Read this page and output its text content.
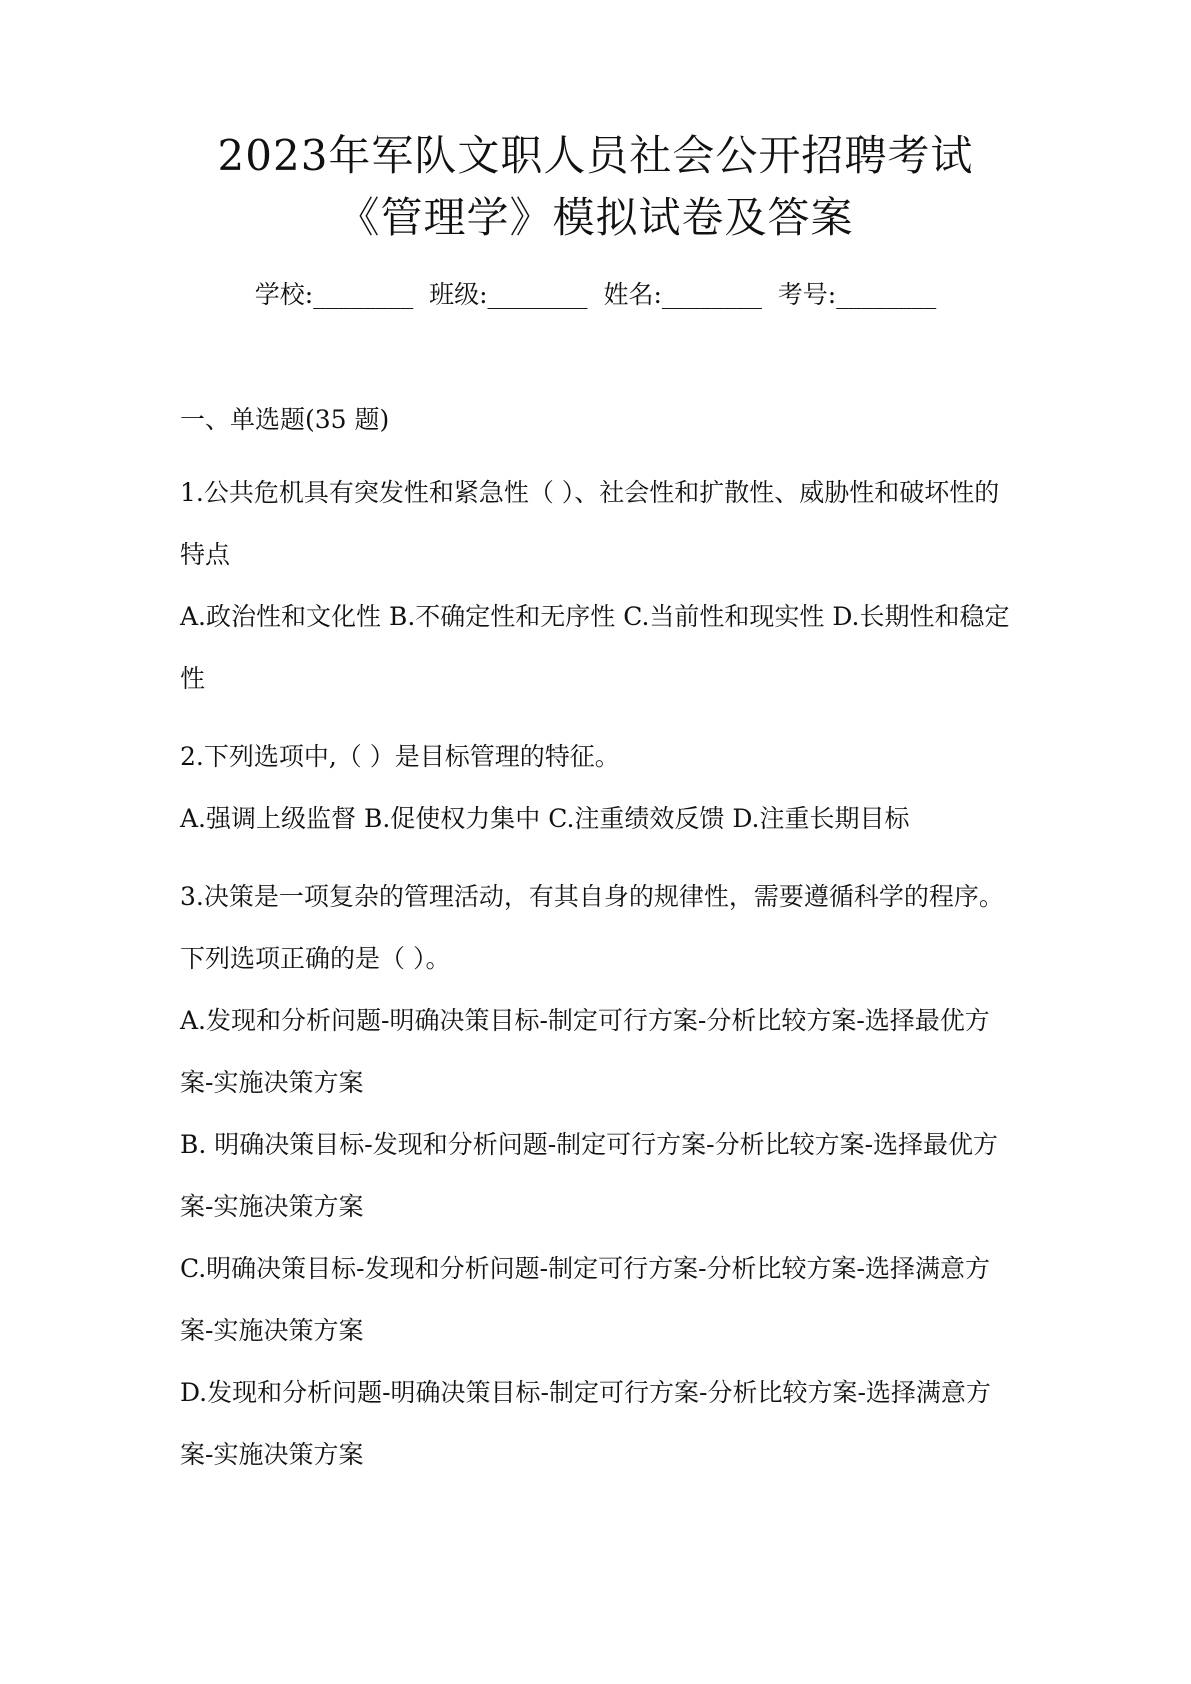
2023年军队文职人员社会公开招聘考试
《管理学》模拟试卷及答案
学校:________ 班级:________ 姓名:________ 考号:________
一、单选题(35 题)

1.公共危机具有突发性和紧急性（ ）、社会性和扩散性、威胁性和破坏性的特点

A.政治性和文化性 B.不确定性和无序性 C.当前性和现实性 D.长期性和稳定性

2.下列选项中,（ ）是目标管理的特征。

A.强调上级监督 B.促使权力集中 C.注重绩效反馈 D.注重长期目标

3.决策是一项复杂的管理活动，有其自身的规律性，需要遵循科学的程序。下列选项正确的是（ ）。

A.发现和分析问题-明确决策目标-制定可行方案-分析比较方案-选择最优方案-实施决策方案

B. 明确决策目标-发现和分析问题-制定可行方案-分析比较方案-选择最优方案-实施决策方案

C.明确决策目标-发现和分析问题-制定可行方案-分析比较方案-选择满意方案-实施决策方案

D.发现和分析问题-明确决策目标-制定可行方案-分析比较方案-选择满意方案-实施决策方案
